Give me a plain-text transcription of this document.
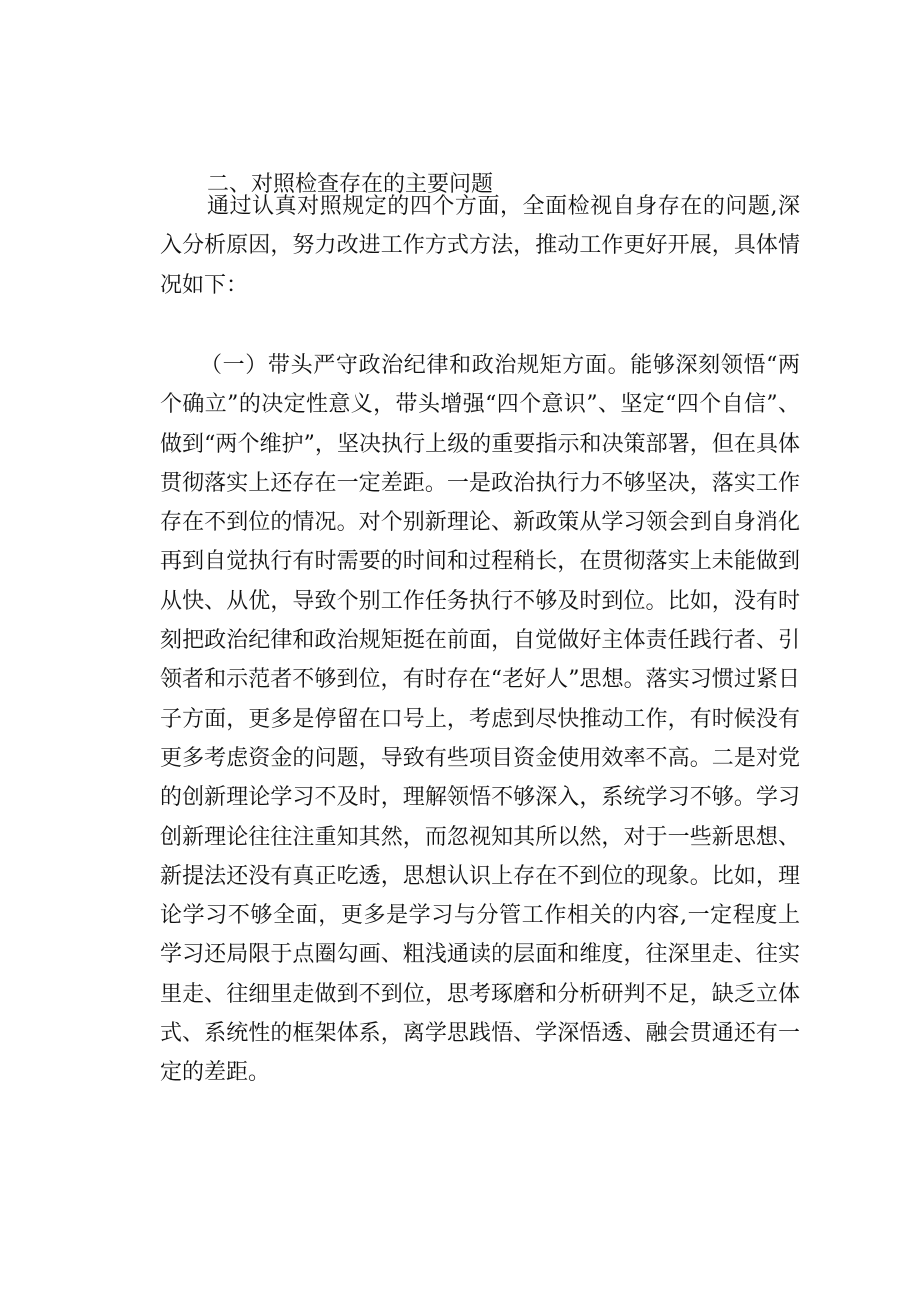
二、对照检查存在的主要问题

通过认真对照规定的四个方面，全面检视自身存在的问题,深入分析原因，努力改进工作方式方法，推动工作更好开展，具体情况如下：

（一）带头严守政治纪律和政治规矩方面。能够深刻领悟“两个确立”的决定性意义，带头增强“四个意识”、坚定“四个自信”、做到“两个维护”，坚决执行上级的重要指示和决策部署，但在具体贯彻落实上还存在一定差距。一是政治执行力不够坚决，落实工作存在不到位的情况。对个别新理论、新政策从学习领会到自身消化再到自觉执行有时需要的时间和过程稍长，在贯彻落实上未能做到从快、从优，导致个别工作任务执行不够及时到位。比如，没有时刻把政治纪律和政治规矩挺在前面，自觉做好主体责任践行者、引领者和示范者不够到位，有时存在“老好人”思想。落实习惯过紧日子方面，更多是停留在口号上，考虑到尽快推动工作，有时候没有更多考虑资金的问题，导致有些项目资金使用效率不高。二是对党的创新理论学习不及时，理解领悟不够深入，系统学习不够。学习创新理论往往注重知其然，而忽视知其所以然，对于一些新思想、新提法还没有真正吃透，思想认识上存在不到位的现象。比如，理论学习不够全面，更多是学习与分管工作相关的内容,一定程度上学习还局限于点圈勾画、粗浅通读的层面和维度，往深里走、往实里走、往细里走做到不到位，思考琢磨和分析研判不足，缺乏立体式、系统性的框架体系，离学思践悟、学深悟透、融会贯通还有一定的差距。
